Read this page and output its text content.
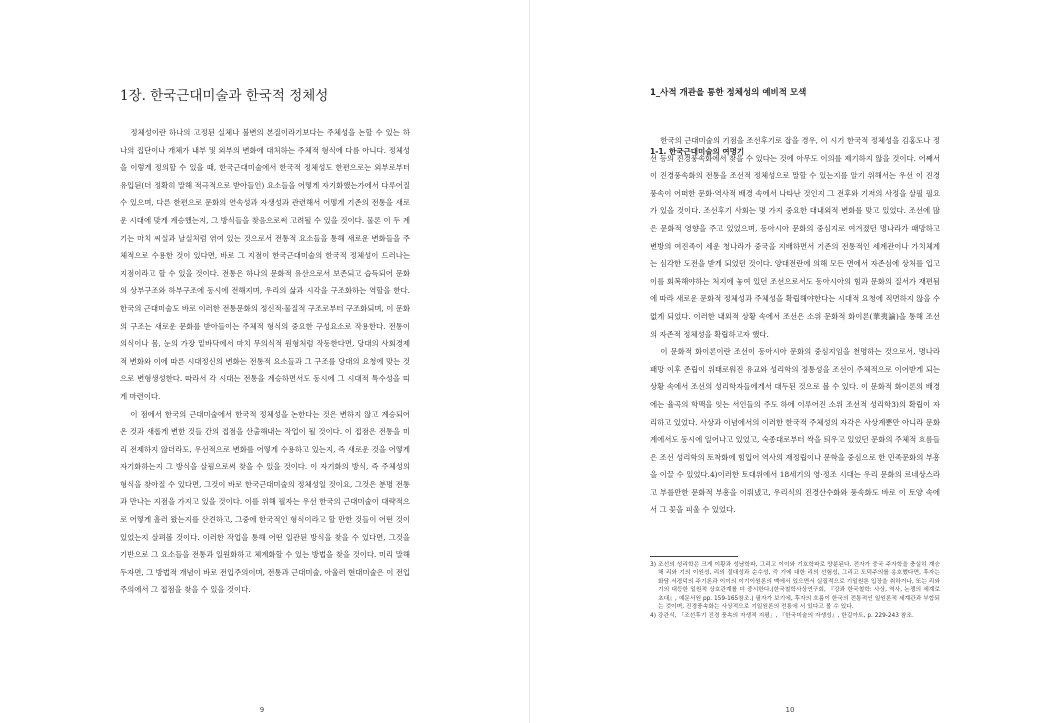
1장. 한국근대미술과 한국적 정체성

정체성이란 하나의 고정된 실체나 불변의 본질이라기보다는 주체성을 논할 수 있는 하나의 집단이나 개체가 내부 및 외부의 변화에 대처하는 주체적 형식에 다름 아니다. 정체성을 이렇게 정의할 수 있을 때, 한국근대미술에서 한국적 정체성도 한편으로는 외부로부터 유입된(더 정확히 말해 적극적으로 받아들인) 요소들을 어떻게 자기화했는가에서 다루어질 수 있으며, 다른 한편으로 문화의 연속성과 자생성과 관련해서 어떻게 기존의 전통을 새로운 시대에 맞게 계승했는지, 그 방식들을 찾음으로써 고려될 수 있을 것이다. 물론 이 두 계기는 마치 씨실과 날실처럼 엮여 있는 것으로서 전통적 요소들을 통해 새로운 변화들을 주체적으로 수용한 것이 있다면, 바로 그 지점이 한국근대미술의 한국적 정체성이 드러나는 지점이라고 할 수 있을 것이다. 전통은 하나의 문화적 유산으로서 보존되고 습득되어 문화의 상부구조와 하부구조에 동시에 전해지며, 우리의 삶과 시각을 구조화하는 역할을 한다. 한국의 근대미술도 바로 이러한 전통문화의 정신적·물질적 구조로부터 구조화되며, 이 문화의 구조는 새로운 문화를 받아들이는 주체적 형식의 중요한 구성요소로 작용한다. 전통이 의식이나 몸, 눈의 가장 밑바닥에서 마치 무의식적 원형처럼 작동한다면, 당대의 사회경제적 변화와 이에 따른 시대정신의 변화는 전통적 요소들과 그 구조를 당대의 요청에 맞는 것으로 변형생성한다. 따라서 각 시대는 전통을 계승하면서도 동시에 그 시대적 특수성을 띠게 마련이다.

이 점에서 한국의 근대미술에서 한국적 정체성을 논한다는 것은 변하지 않고 계승되어 온 것과 새롭게 변한 것들 간의 접점을 산출해내는 작업이 될 것이다. 이 접점은 전통을 미리 전제하지 않더라도, 우선적으로 변화를 어떻게 수용하고 있는지, 즉 새로운 것을 어떻게 자기화하는지 그 방식을 살핌으로써 찾을 수 있을 것이다. 이 자기화의 방식, 즉 주체성의 형식을 찾아질 수 있다면, 그것이 바로 한국근대미술의 정체성일 것이요, 그것은 분명 전통과 만나는 지점을 가지고 있을 것이다. 이를 위해 필자는 우선 한국의 근대미술이 대략적으로 어떻게 흘러 왔는지를 산견하고, 그중에 한국적인 형식이라고 할 만한 것들이 어떤 것이 있었는지 살펴볼 것이다. 이러한 작업을 통해 어떤 일관된 방식을 찾을 수 있다면, 그것을 기반으로 그 요소들을 전통과 일원화하고 체계화할 수 있는 방법을 찾을 것이다. 미리 말해두자면, 그 방법적 개념이 바로 전입주의이며, 전통과 근대미술, 아울러 현대미술은 이 전입주의에서 그 접점을 찾을 수 있을 것이다.

9
1_사적 개관을 통한 정체성의 예비적 모색
1-1. 한국근대미술의 여명기

한국의 근대미술의 기점을 조선후기로 잡을 경우, 이 시기 한국적 정체성을 김홍도나 정선 등의 진경풍속화에서 찾을 수 있다는 것에 아무도 이의를 제기하지 않을 것이다. 어째서 이 진경풍속화의 전통을 조선적 정체성으로 말할 수 있는지를 알기 위해서는 우선 이 진경풍속이 어떠한 문화·역사적 배경 속에서 나타난 것인지 그 전후와 기저의 사정을 살필 필요가 있을 것이다. 조선후기 사회는 몇 가지 중요한 대내외적 변화를 맞고 있었다. 조선에 많은 문화적 영향을 주고 있었으며, 동아시아 문화의 중심지로 여겨졌던 명나라가 패망하고 변방의 여진족이 세운 청나라가 중국을 지배하면서 기존의 전통적인 세계관이나 가치체계는 심각한 도전을 받게 되었던 것이다. 양대전란에 의해 모든 면에서 자존심에 상처를 입고 이를 회복해야하는 처지에 놓여 있던 조선으로서도 동아시아의 힘과 문화의 질서가 재편됨에 따라 새로운 문화적 정체성과 주체성을 확립해야한다는 시대적 요청에 직면하지 않을 수 없게 되었다. 이러한 내외적 상황 속에서 조선은 소위 문화적 화이론(華夷論)을 통해 조선의 자존적 정체성을 확립하고자 했다.

이 문화적 화이론이란 조선이 동아시아 문화의 중심지임을 천명하는 것으로서, 명나라 패망 이후 존립이 위태로워진 유교와 성리학의 정통성을 조선이 주체적으로 이어받게 되는 상황 속에서 조선의 성리학자들에게서 대두된 것으로 볼 수 있다. 이 문화적 화이론의 배경에는 율곡의 학맥을 잇는 서인들의 주도 하에 이루어진 소위 조선적 성리학3)의 확립이 자리하고 있었다. 사상과 이념에서의 이러한 한국적 주체성의 자각은 사상계뿐만 아니라 문화계에서도 동시에 일어나고 있었고, 숙종대로부터 싹을 틔우고 있었던 문화의 주체적 흐름들은 조선 성리학의 토착화에 힘입어 역사의 재정립이나 문학을 중심으로 한 민족문화의 부흥을 이끌 수 있었다.4)이러한 토대위에서 18세기의 영·정조 시대는 우리 문화의 르네상스라고 부를만한 문화적 부흥을 이뤄냈고, 우리식의 진경산수화와 풍속화도 바로 이 토양 속에서 그 꽃을 피울 수 있었다.

3) 조선의 성리학은 크게 이황과 성남학파, 그리고 이이와 기호학파로 양분된다. 전자가 중국 주자학을 충실히 계승해 리와 기의 이원성, 리의 절대성과 순수성, 즉 기에 대한 리의 선험성, 그리고 도덕주의를 옹호했다면, 후자는 화담 서경덕의 주기론과 이이의 이기이원론의 맥에서 있으면서 실질적으로 기일원론 입장을 취하거나, 또는 리와 기의 대등한 일원적 상호관계를 더 중시한다.(한국철학사상연구회, 『강좌 한국철학: 사상, 역사, 논쟁의 세계로 초대』, 예문서원 pp. 159-165참조.) 필자가 보기에, 후자의 흐름이 한국의 전통적인 일원론적 세계관과 부합되는 것이며, 진경풍속화는 사상적으로 기일원론의 전통에 서 있다고 볼 수 있다.

4) 강관식, 「조선후기 진경 풍속의 자생적 지평」, 『한국미술의 자생성』, 한길아트, p. 229-243 참조.

10
